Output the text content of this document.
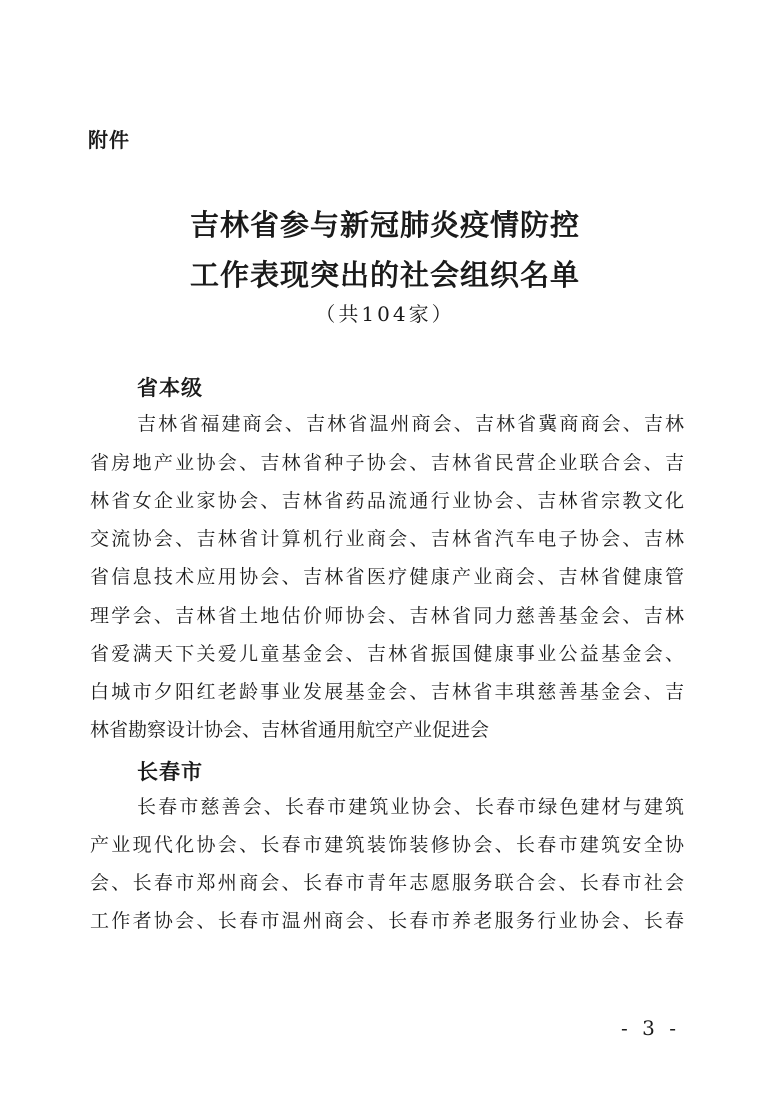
附件
吉林省参与新冠肺炎疫情防控
工作表现突出的社会组织名单
（共104家）
省本级
吉林省福建商会、吉林省温州商会、吉林省冀商商会、吉林
省房地产业协会、吉林省种子协会、吉林省民营企业联合会、吉
林省女企业家协会、吉林省药品流通行业协会、吉林省宗教文化
交流协会、吉林省计算机行业商会、吉林省汽车电子协会、吉林
省信息技术应用协会、吉林省医疗健康产业商会、吉林省健康管
理学会、吉林省土地估价师协会、吉林省同力慈善基金会、吉林
省爱满天下关爱儿童基金会、吉林省振国健康事业公益基金会、
白城市夕阳红老龄事业发展基金会、吉林省丰琪慈善基金会、吉
林省勘察设计协会、吉林省通用航空产业促进会
长春市
长春市慈善会、长春市建筑业协会、长春市绿色建材与建筑
产业现代化协会、长春市建筑装饰装修协会、长春市建筑安全协
会、长春市郑州商会、长春市青年志愿服务联合会、长春市社会
工作者协会、长春市温州商会、长春市养老服务行业协会、长春
- 3 -
